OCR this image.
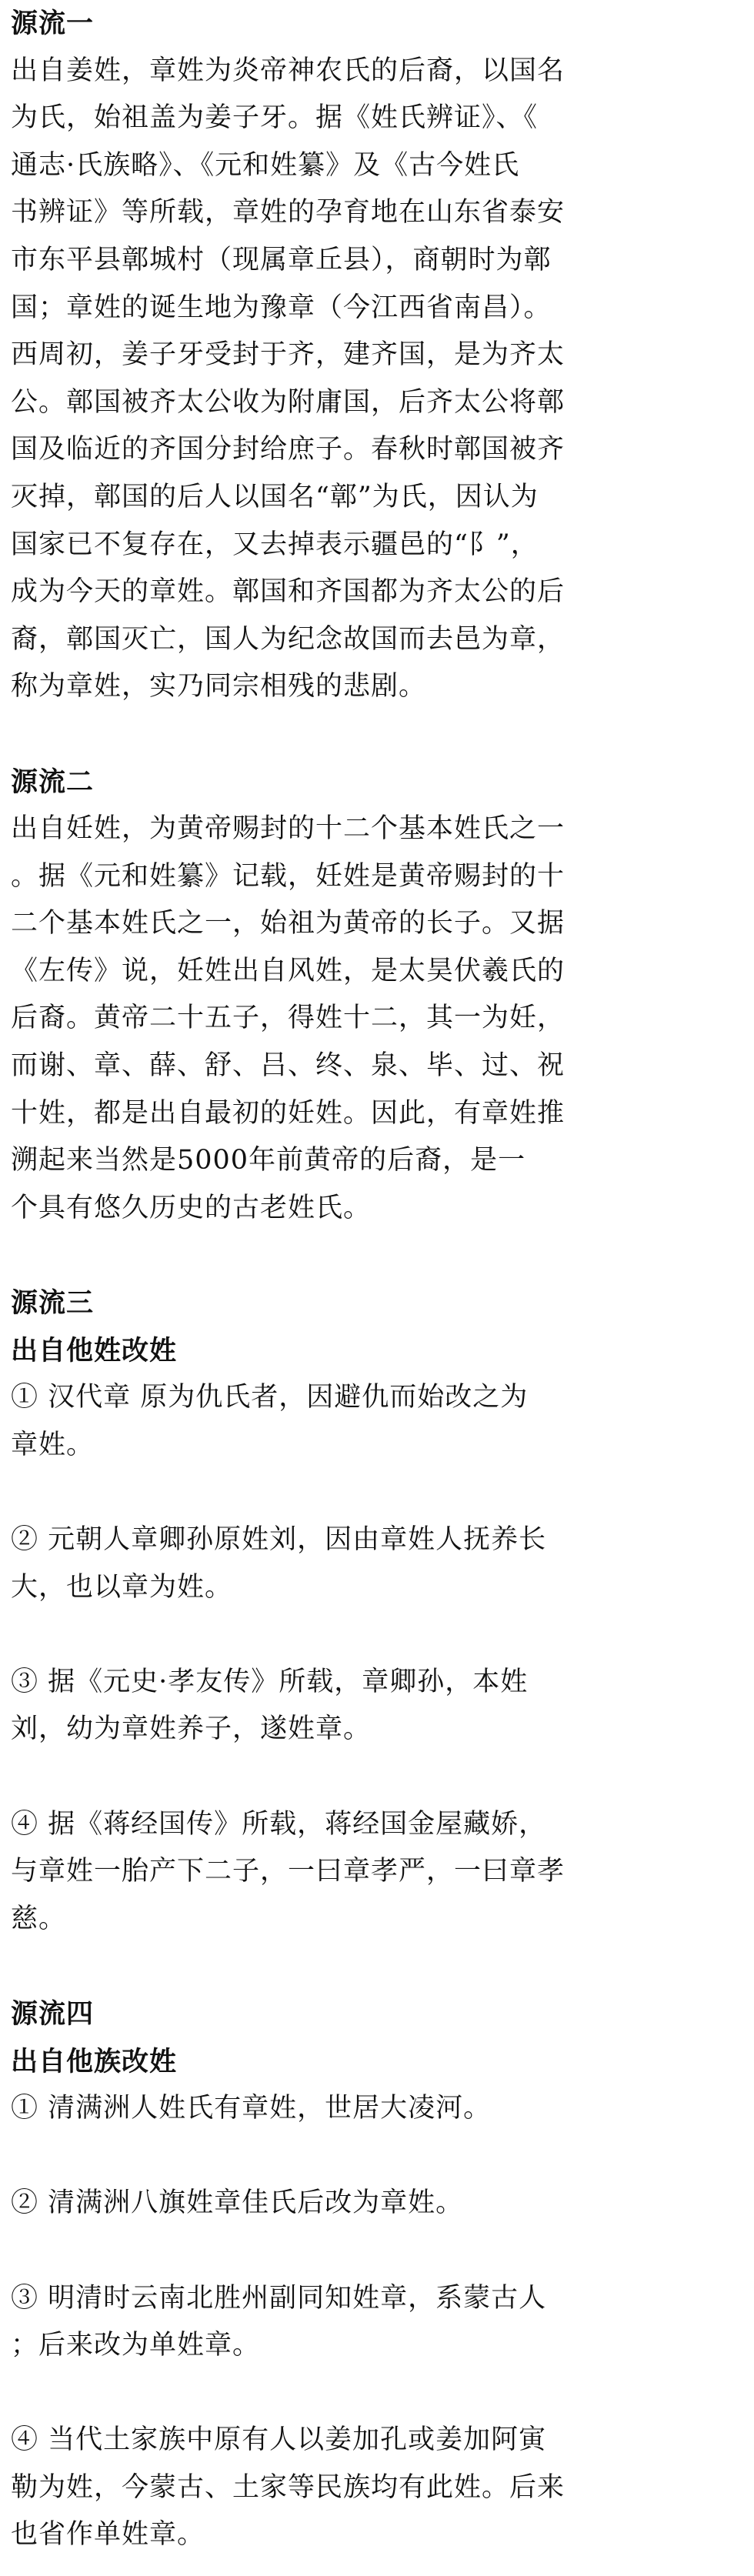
源流一
出自姜姓，章姓为炎帝神农氏的后裔，以国名
为氏，始祖盖为姜子牙。据《姓氏辨证》、《
通志·氏族略》、《元和姓纂》及《古今姓氏
书辨证》等所载，章姓的孕育地在山东省泰安
市东平县鄣城村（现属章丘县），商朝时为鄣
国；章姓的诞生地为豫章（今江西省南昌）。
西周初，姜子牙受封于齐，建齐国，是为齐太
公。鄣国被齐太公收为附庸国，后齐太公将鄣
国及临近的齐国分封给庶子。春秋时鄣国被齐
灭掉，鄣国的后人以国名“鄣”为氏，因认为
国家已不复存在，又去掉表示疆邑的“阝”，
成为今天的章姓。鄣国和齐国都为齐太公的后
裔，鄣国灭亡，国人为纪念故国而去邑为章，
称为章姓，实乃同宗相残的悲剧。
源流二
出自妊姓，为黄帝赐封的十二个基本姓氏之一
。据《元和姓纂》记载，妊姓是黄帝赐封的十
二个基本姓氏之一，始祖为黄帝的长子。又据
《左传》说，妊姓出自风姓，是太昊伏羲氏的
后裔。黄帝二十五子，得姓十二，其一为妊，
而谢、章、薛、舒、吕、终、泉、毕、过、祝
十姓，都是出自最初的妊姓。因此，有章姓推
溯起来当然是5000年前黄帝的后裔，是一
个具有悠久历史的古老姓氏。
源流三
出自他姓改姓
① 汉代章 原为仇氏者，因避仇而始改之为
章姓。
② 元朝人章卿孙原姓刘，因由章姓人抚养长
大，也以章为姓。
③ 据《元史·孝友传》所载，章卿孙，本姓
刘，幼为章姓养子，遂姓章。
④ 据《蒋经国传》所载，蒋经国金屋藏娇，
与章姓一胎产下二子，一曰章孝严，一曰章孝
慈。
源流四
出自他族改姓
① 清满洲人姓氏有章姓，世居大凌河。
② 清满洲八旗姓章佳氏后改为章姓。
③ 明清时云南北胜州副同知姓章，系蒙古人
；后来改为单姓章。
④ 当代土家族中原有人以姜加孔或姜加阿寅
勒为姓，今蒙古、土家等民族均有此姓。后来
也省作单姓章。
